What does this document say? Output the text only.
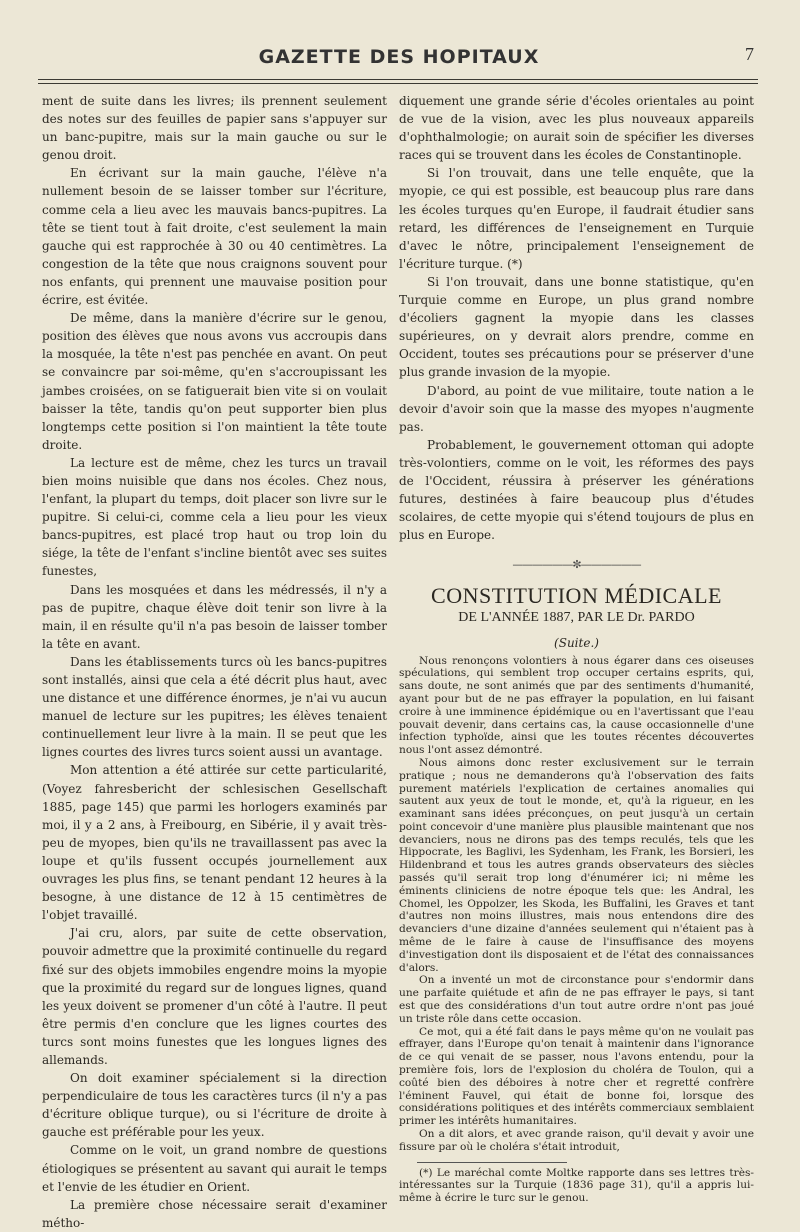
GAZETTE DES HOPITAUX	7

ment de suite dans les livres; ils prennent seulement des notes sur des feuilles de papier sans s'appuyer sur un banc-pupitre, mais sur la main gauche ou sur le genou droit.

En écrivant sur la main gauche, l'élève n'a nullement besoin de se laisser tomber sur l'écriture, comme cela a lieu avec les mauvais bancs-pupitres. La tête se tient tout à fait droite, c'est seulement la main gauche qui est rapprochée à 30 ou 40 centimètres. La congestion de la tête que nous craignons souvent pour nos enfants, qui prennent une mauvaise position pour écrire, est évitée.

De même, dans la manière d'écrire sur le genou, position des élèves que nous avons vus accroupis dans la mosquée, la tête n'est pas penchée en avant. On peut se convaincre par soi-même, qu'en s'accroupissant les jambes croisées, on se fatiguerait bien vite si on voulait baisser la tête, tandis qu'on peut supporter bien plus longtemps cette position si l'on maintient la tête toute droite.

La lecture est de même, chez les turcs un travail bien moins nuisible que dans nos écoles. Chez nous, l'enfant, la plupart du temps, doit placer son livre sur le pupitre. Si celui-ci, comme cela a lieu pour les vieux bancs-pupitres, est placé trop haut ou trop loin du siége, la tête de l'enfant s'incline bientôt avec ses suites funestes,

Dans les mosquées et dans les médressés, il n'y a pas de pupitre, chaque élève doit tenir son livre à la main, il en résulte qu'il n'a pas besoin de laisser tomber la tête en avant.

Dans les établissements turcs où les bancs-pupitres sont installés, ainsi que cela a été décrit plus haut, avec une distance et une différence énormes, je n'ai vu aucun manuel de lecture sur les pupitres; les élèves tenaient continuellement leur livre à la main. Il se peut que les lignes courtes des livres turcs soient aussi un avantage.

Mon attention a été attirée sur cette particularité, (Voyez fahresbericht der schlesischen Gesellschaft 1885, page 145) que parmi les horlogers examinés par moi, il y a 2 ans, à Freibourg, en Sibérie, il y avait très-peu de myopes, bien qu'ils ne travaillassent pas avec la loupe et qu'ils fussent occupés journellement aux ouvrages les plus fins, se tenant pendant 12 heures à la besogne, à une distance de 12 à 15 centimètres de l'objet travaillé.

J'ai cru, alors, par suite de cette observation, pouvoir admettre que la proximité continuelle du regard fixé sur des objets immobiles engendre moins la myopie que la proximité du regard sur de longues lignes, quand les yeux doivent se promener d'un côté à l'autre. Il peut être permis d'en conclure que les lignes courtes des turcs sont moins funestes que les longues lignes des allemands.

On doit examiner spécialement si la direction perpendiculaire de tous les caractères turcs (il n'y a pas d'écriture oblique turque), ou si l'écriture de droite à gauche est préférable pour les yeux.

Comme on le voit, un grand nombre de questions étiologiques se présentent au savant qui aurait le temps et l'envie de les étudier en Orient.

La première chose nécessaire serait d'examiner métho-

diquement une grande série d'écoles orientales au point de vue de la vision, avec les plus nouveaux appareils d'ophthalmologie; on aurait soin de spécifier les diverses races qui se trouvent dans les écoles de Constantinople.

Si l'on trouvait, dans une telle enquête, que la myopie, ce qui est possible, est beaucoup plus rare dans les écoles turques qu'en Europe, il faudrait étudier sans retard, les différences de l'enseignement en Turquie d'avec le nôtre, principalement l'enseignement de l'écriture turque. (*)

Si l'on trouvait, dans une bonne statistique, qu'en Turquie comme en Europe, un plus grand nombre d'écoliers gagnent la myopie dans les classes supérieures, on y devrait alors prendre, comme en Occident, toutes ses précautions pour se préserver d'une plus grande invasion de la myopie.

D'abord, au point de vue militaire, toute nation a le devoir d'avoir soin que la masse des myopes n'augmente pas.

Probablement, le gouvernement ottoman qui adopte très-volontiers, comme on le voit, les réformes des pays de l'Occident, réussira à préserver les générations futures, destinées à faire beaucoup plus d'études scolaires, de cette myopie qui s'étend toujours de plus en plus en Europe.

——————✼——————
CONSTITUTION MÉDICALE
DE L'ANNÉE 1887, PAR LE Dr. PARDO
(Suite.)

Nous renonçons volontiers à nous égarer dans ces oiseuses spéculations, qui semblent trop occuper certains esprits, qui, sans doute, ne sont animés que par des sentiments d'humanité, ayant pour but de ne pas effrayer la population, en lui faisant croire à une imminence épidémique ou en l'avertissant que l'eau pouvait devenir, dans certains cas, la cause occasionnelle d'une infection typhoïde, ainsi que les toutes récentes découvertes nous l'ont assez démontré.

Nous aimons donc rester exclusivement sur le terrain pratique ; nous ne demanderons qu'à l'observation des faits purement matériels l'explication de certaines anomalies qui sautent aux yeux de tout le monde, et, qu'à la rigueur, en les examinant sans idées préconçues, on peut jusqu'à un certain point concevoir d'une manière plus plausible maintenant que nos devanciers, nous ne dirons pas des temps reculés, tels que les Hippocrate, les Baglivi, les Sydenham, les Frank, les Borsieri, les Hildenbrand et tous les autres grands observateurs des siècles passés qu'il serait trop long d'énumérer ici; ni même les éminents cliniciens de notre époque tels que: les Andral, les Chomel, les Oppolzer, les Skoda, les Buffalini, les Graves et tant d'autres non moins illustres, mais nous entendons dire des devanciers d'une dizaine d'années seulement qui n'étaient pas à même de le faire à cause de l'insuffisance des moyens d'investigation dont ils disposaient et de l'état des connaissances d'alors.

On a inventé un mot de circonstance pour s'endormir dans une parfaite quiétude et afin de ne pas effrayer le pays, si tant est que des considérations d'un tout autre ordre n'ont pas joué un triste rôle dans cette occasion.

Ce mot, qui a été fait dans le pays même qu'on ne voulait pas effrayer, dans l'Europe qu'on tenait à maintenir dans l'ignorance de ce qui venait de se passer, nous l'avons entendu, pour la première fois, lors de l'explosion du choléra de Toulon, qui a coûté bien des déboires à notre cher et regretté confrère l'éminent Fauvel, qui était de bonne foi, lorsque des considérations politiques et des intérêts commerciaux semblaient primer les intérêts humanitaires.

On a dit alors, et avec grande raison, qu'il devait y avoir une fissure par où le choléra s'était introduit,

(*) Le maréchal comte Moltke rapporte dans ses lettres très-intéressantes sur la Turquie (1836 page 31), qu'il a appris lui-même à écrire le turc sur le genou.
